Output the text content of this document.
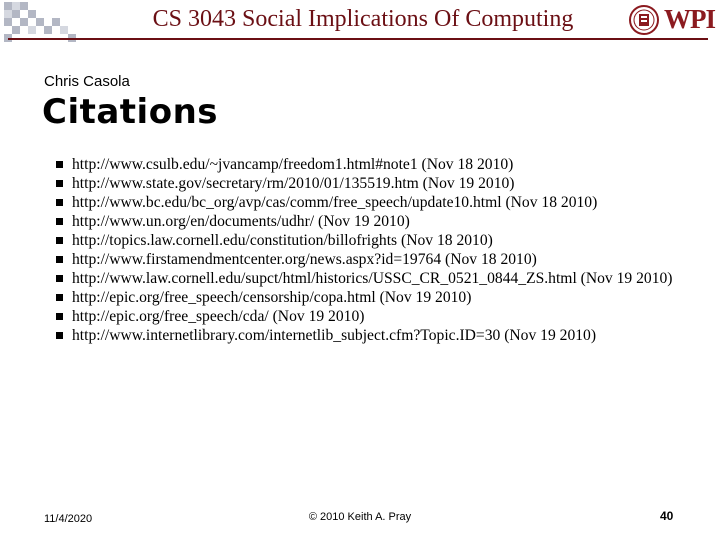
CS 3043 Social Implications Of Computing	WPI
Chris Casola
Citations
http://www.csulb.edu/~jvancamp/freedom1.html#note1 (Nov 18 2010)
http://www.state.gov/secretary/rm/2010/01/135519.htm (Nov 19 2010)
http://www.bc.edu/bc_org/avp/cas/comm/free_speech/update10.html (Nov 18 2010)
http://www.un.org/en/documents/udhr/ (Nov 19 2010)
http://topics.law.cornell.edu/constitution/billofrights (Nov 18 2010)
http://www.firstamendmentcenter.org/news.aspx?id=19764 (Nov 18 2010)
http://www.law.cornell.edu/supct/html/historics/USSC_CR_0521_0844_ZS.html (Nov 19 2010)
http://epic.org/free_speech/censorship/copa.html (Nov 19 2010)
http://epic.org/free_speech/cda/ (Nov 19 2010)
http://www.internetlibrary.com/internetlib_subject.cfm?Topic.ID=30 (Nov 19 2010)
11/4/2020	© 2010 Keith A. Pray	40
